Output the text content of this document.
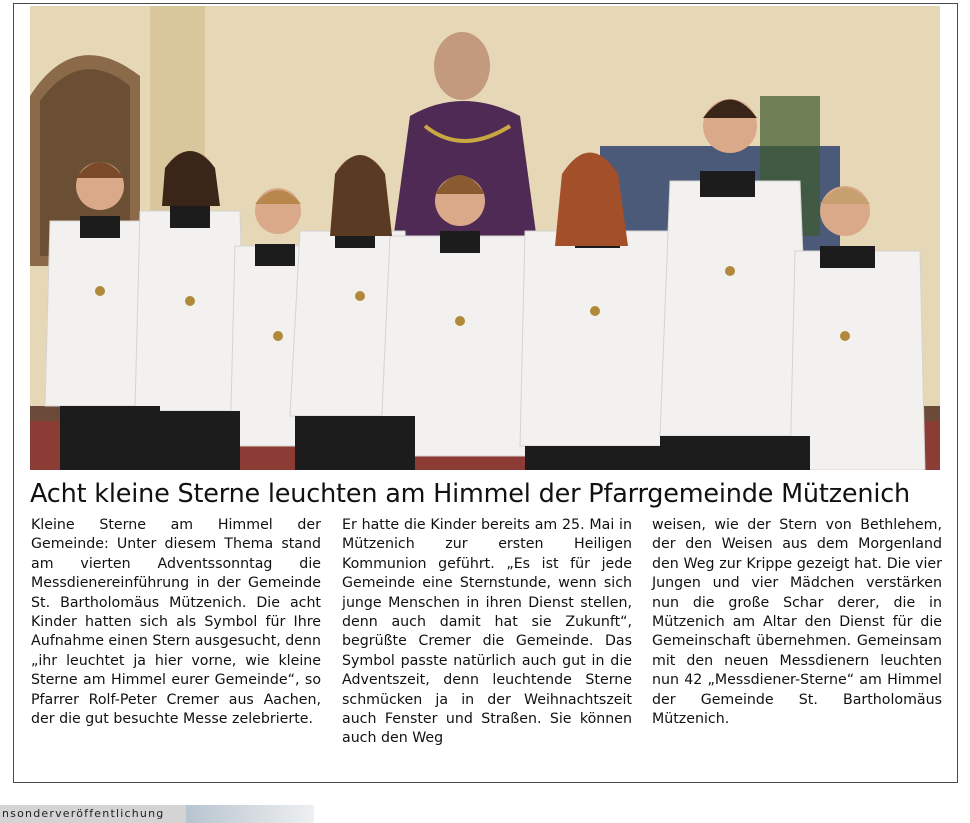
Acht kleine Sterne leuchten am Himmel der Pfarrgemeinde Mützenich
Kleine Sterne am Himmel der Gemeinde: Unter diesem Thema stand am vierten Adventssonntag die Messdienereinführung in der Gemeinde St. Bartholomäus Mützenich. Die acht Kinder hatten sich als Symbol für Ihre Aufnahme einen Stern ausgesucht, denn „ihr leuchtet ja hier vorne, wie kleine Sterne am Himmel eurer Gemeinde“, so Pfarrer Rolf-Peter Cremer aus Aachen, der die gut besuchte Messe zelebrierte.
Er hatte die Kinder bereits am 25. Mai in Mützenich zur ersten Heiligen Kommunion geführt. „Es ist für jede Gemeinde eine Sternstunde, wenn sich junge Menschen in ihren Dienst stellen, denn auch damit hat sie Zukunft“, begrüßte Cremer die Gemeinde. Das Symbol passte natürlich auch gut in die Adventszeit, denn leuchtende Sterne schmücken ja in der Weihnachtszeit auch Fenster und Straßen. Sie können auch den Weg
weisen, wie der Stern von Bethlehem, der den Weisen aus dem Morgenland den Weg zur Krippe gezeigt hat. Die vier Jungen und vier Mädchen verstärken nun die große Schar derer, die in Mützenich am Altar den Dienst für die Gemeinschaft übernehmen. Gemeinsam mit den neuen Messdienern leuchten nun 42 „Messdiener-Sterne“ am Himmel der Gemeinde St. Bartholomäus Mützenich.
nsonderveröffentlichung
